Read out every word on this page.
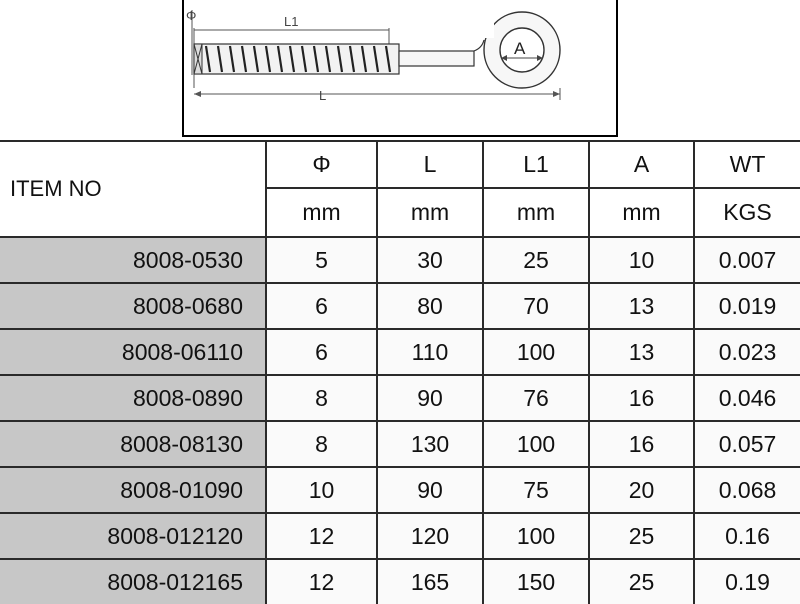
Φ	L1
L
A
ITEM NO	Φ	L	L1	A	WT
	mm	mm	mm	mm	KGS
8008-0530	5	30	25	10	0.007
8008-0680	6	80	70	13	0.019
8008-06110	6	110	100	13	0.023
8008-0890	8	90	76	16	0.046
8008-08130	8	130	100	16	0.057
8008-01090	10	90	75	20	0.068
8008-012120	12	120	100	25	0.16
8008-012165	12	165	150	25	0.19
